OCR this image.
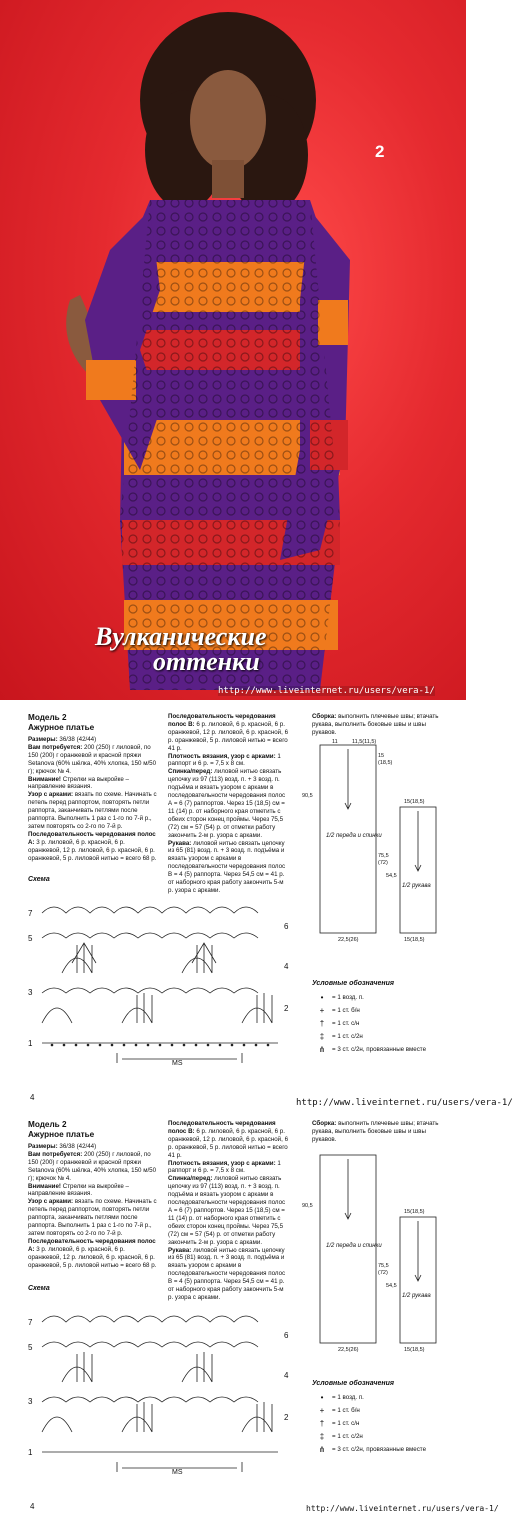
2
Вулканические
оттенки
http://www.liveinternet.ru/users/vera-1/

Модель 2

Ажурное платье

Размеры: 36/38 (42/44)

Вам потребуется: 200 (250) г лиловой, по 150 (200) г оранжевой и красной пряжи Setanova (60% шёлка, 40% хлопка, 150 м/50 г); крючок № 4.

Внимание! Стрелки на выкройке – направление вязания.

Узор с арками: вязать по схеме. Начинать с петель перед раппортом, повторять петли раппорта, заканчивать петлями после раппорта. Выполнить 1 раз с 1-го по 7-й р., затем повторять со 2-го по 7-й р.

Последовательность чередования полос А: 3 р. лиловой, 6 р. красной, 6 р. оранжевой, 12 р. лиловой, 6 р. красной, 6 р. оранжевой, 5 р. лиловой нитью = всего 68 р.

Последовательность чередования полос В: 6 р. лиловой, 6 р. красной, 6 р. оранжевой, 12 р. лиловой, 6 р. красной, 6 р. оранжевой, 5 р. лиловой нитью = всего 41 р.

Плотность вязания, узор с арками: 1 раппорт и 6 р. = 7,5 х 8 см.

Спинка/перед: лиловой нитью связать цепочку из 97 (113) возд. п. + 3 возд. п. подъёма и вязать узором с арками в последовательности чередования полос А = 6 (7) раппортов. Через 15 (18,5) см = 11 (14) р. от наборного края отметить с обеих сторон конец проймы. Через 75,5 (72) см = 57 (54) р. от отметки работу закончить 2-м р. узора с арками.

Рукава: лиловой нитью связать цепочку из 65 (81) возд. п. + 3 возд. п. подъёма и вязать узором с арками в последовательности чередования полос В = 4 (5) раппорта. Через 54,5 см = 41 р. от наборного края работу закончить 5-м р. узора с арками.

Сборка: выполнить плечевые швы; втачать рукава, выполнить боковые швы и швы рукавов.

Схема
7
6
5
4
3
2
1
MS
11	11,5(11,5)
15
(18,5)
90,5
75,5
(72)
22,5(26)
15(18,5)
54,5
15(18,5)
1/2 переда и спинки
1/2 рукава
Условные обозначения
•	= 1 возд. п.
+	= 1 ст. б/н
†	= 1 ст. с/н
‡	= 1 ст. с/2н
⋔	= 3 ст. с/2н, провязанные вместе
4
http://www.liveinternet.ru/users/vera-1/

Модель 2

Ажурное платье

Размеры: 36/38 (42/44)

Вам потребуется: 200 (250) г лиловой, по 150 (200) г оранжевой и красной пряжи Setanova (60% шёлка, 40% хлопка, 150 м/50 г); крючок № 4.

Внимание! Стрелки на выкройке – направление вязания.

Узор с арками: вязать по схеме. Начинать с петель перед раппортом, повторять петли раппорта, заканчивать петлями после раппорта. Выполнить 1 раз с 1-го по 7-й р., затем повторять со 2-го по 7-й р.

Последовательность чередования полос А: 3 р. лиловой, 6 р. красной, 6 р. оранжевой, 12 р. лиловой, 6 р. красной, 6 р. оранжевой, 5 р. лиловой нитью = всего 68 р.

Последовательность чередования полос В: 6 р. лиловой, 6 р. красной, 6 р. оранжевой, 12 р. лиловой, 6 р. красной, 6 р. оранжевой, 5 р. лиловой нитью = всего 41 р.

Плотность вязания, узор с арками: 1 раппорт и 6 р. = 7,5 х 8 см.

Спинка/перед: лиловой нитью связать цепочку из 97 (113) возд. п. + 3 возд. п. подъёма и вязать узором с арками в последовательности чередования полос А = 6 (7) раппортов. Через 15 (18,5) см = 11 (14) р. от наборного края отметить с обеих сторон конец проймы. Через 75,5 (72) см = 57 (54) р. от отметки работу закончить 2-м р. узора с арками.

Рукава: лиловой нитью связать цепочку из 65 (81) возд. п. + 3 возд. п. подъёма и вязать узором с арками в последовательности чередования полос В = 4 (5) раппорта. Через 54,5 см = 41 р. от наборного края работу закончить 5-м р. узора с арками.

Сборка: выполнить плечевые швы; втачать рукава, выполнить боковые швы и швы рукавов.

Схема
7
6
5
4
3
2
1
MS
90,5
75,5
(72)
22,5(26)
15(18,5)
54,5
15(18,5)
1/2 переда и спинки
1/2 рукава
Условные обозначения
•	= 1 возд. п.
+	= 1 ст. б/н
†	= 1 ст. с/н
‡	= 1 ст. с/2н
⋔	= 3 ст. с/2н, провязанные вместе
4	http://www.liveinternet.ru/users/vera-1/
